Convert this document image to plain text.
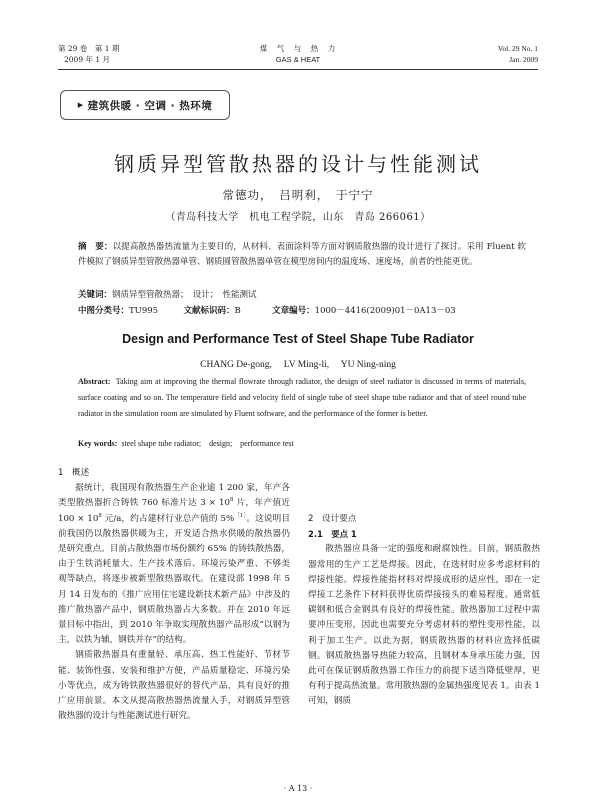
第 29 卷　第 1 期
2009 年 1 月
煤　气　与　热　力
GAS & HEAT
Vol. 29 No. 1
Jan. 2009
▶ 建筑供暖 · 空调 · 热环境
钢质异型管散热器的设计与性能测试
常德功，　吕明利，　于宁宁
（青岛科技大学　机电工程学院，山东　青岛 266061）
摘　要：以提高散热器热流量为主要目的，从材料、表面涂料等方面对钢质散热器的设计进行了探讨。采用 Fluent 软件模拟了钢质异型管散热器单管、钢质圆管散热器单管在模型房间内的温度场、速度场，前者的性能更优。
关键词：钢质异型管散热器；　设计；　性能测试
中图分类号：TU995	文献标识码：B	文章编号：1000－4416(2009)01－0A13－03
Design and Performance Test of Steel Shape Tube Radiator
CHANG De-gong,　 LV Ming-li,　 YU Ning-ning
Abstract: Taking aim at improving the thermal flowrate through radiator, the design of steel radiator is discussed in terms of materials, surface coating and so on. The temperature field and velocity field of single tube of steel shape tube radiator and that of steel round tube radiator in the simulation room are simulated by Fluent software, and the performance of the former is better.
Key words: steel shape tube radiator;　design;　performance test
1　概述

据统计，我国现有散热器生产企业逾 1 200 家，年产各类型散热器折合铸铁 760 标准片达 $3 \times 10^8$ 片，年产值近 $100 \times 10^8$ 元/a，约占建材行业总产值的 5%$^{[1]}$。这说明目前我国仍以散热器供暖为主，开发适合热水供暖的散热器仍是研究重点。目前占散热器市场份额约 65% 的铸铁散热器，由于生铁消耗量大、生产技术落后、环境污染严重、不够美观等缺点，将逐步被新型散热器取代。在建设部 1998 年 5 月 14 日发布的《推广应用住宅建设新技术新产品》中涉及的推广散热器产品中，钢质散热器占大多数。并在 2010 年远景目标中指出，到 2010 年争取实现散热器产品形成“以钢为主，以铁为辅，钢铁并存”的结构。

钢质散热器具有重量轻、承压高、热工性能好、节材节能、装饰性强、安装和维护方便，产品质量稳定、环境污染小等优点，成为铸铁散热器很好的替代产品，具有良好的推广应用前景。本文从提高散热器热流量入手，对钢质异型管散热器的设计与性能测试进行研究。

2　设计要点
2.1　要点 1

散热器应具备一定的强度和耐腐蚀性。目前，钢质散热器常用的生产工艺是焊接。因此，在选材时应多考虑材料的焊接性能。焊接性能指材料对焊接成形的适应性，即在一定焊接工艺条件下材料获得优质焊接接头的难易程度。通常低碳钢和低合金钢具有良好的焊接性能。散热器加工过程中需要冲压变形，因此也需要充分考虑材料的塑性变形性能，以利于加工生产。以此为据，钢质散热器的材料应选择低碳钢。钢质散热器导热能力较高，且钢材本身承压能力强，因此可在保证钢质散热器工作压力的前提下适当降低壁厚，更有利于提高热流量。常用散热器的金属热强度见表 1。由表 1 可知，钢质

· A 13 ·
